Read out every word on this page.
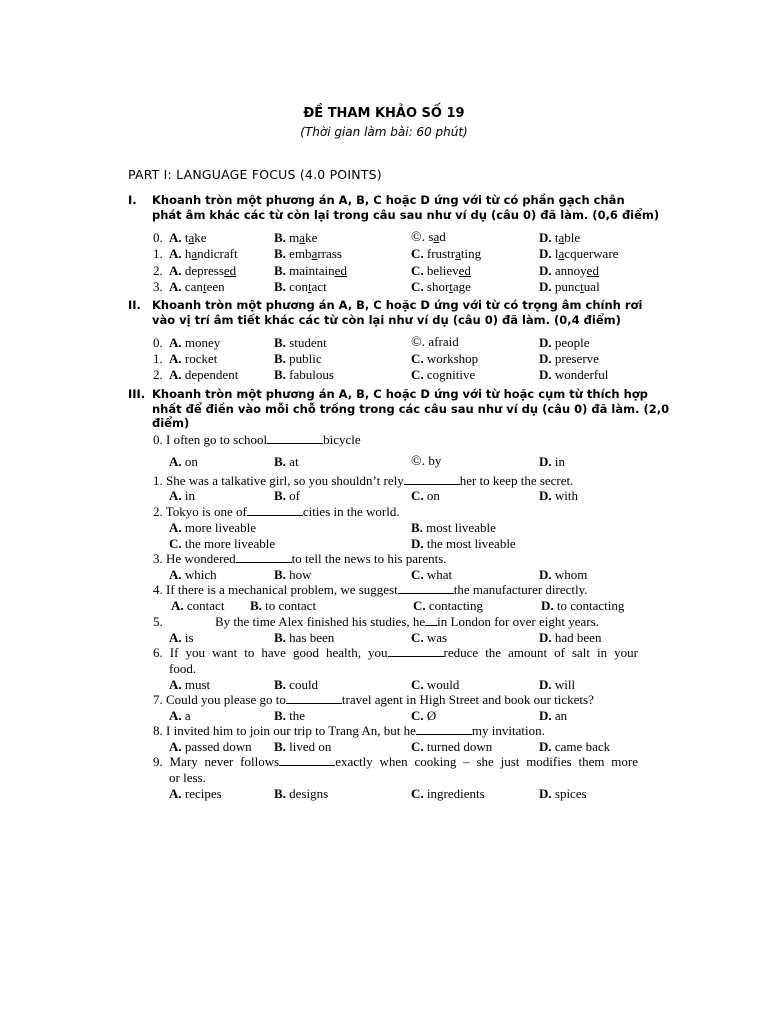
ĐỀ THAM KHẢO SỐ 19
(Thời gian làm bài: 60 phút)
PART I: LANGUAGE FOCUS (4.0 POINTS)
I. Khoanh tròn một phương án A, B, C hoặc D ứng với từ có phần gạch chân
phát âm khác các từ còn lại trong câu sau như ví dụ (câu 0) đã làm. (0,6 điểm)
0. A. take	B. make	©. sad	D. table
1. A. handicraft	B. embarrass	C. frustrating	D. lacquerware
2. A. depressed	B. maintained	C. believed	D. annoyed
3. A. canteen	B. contact	C. shortage	D. punctual
II. Khoanh tròn một phương án A, B, C hoặc D ứng với từ có trọng âm chính rơi
vào vị trí âm tiết khác các từ còn lại như ví dụ (câu 0) đã làm. (0,4 điểm)
0. A. money	B. student	©. afraid	D. people
1. A. rocket	B. public	C. workshop	D. preserve
2. A. dependent	B. fabulous	C. cognitive	D. wonderful
III. Khoanh tròn một phương án A, B, C hoặc D ứng với từ hoặc cụm từ thích hợp
nhất để điền vào mỗi chỗ trống trong các câu sau như ví dụ (câu 0) đã làm. (2,0
điểm)
0. I often go to school	bicycle
A. on	B. at	©. by	D. in
1. She was a talkative girl, so you shouldn’t rely	her to keep the secret.
A. in	B. of	C. on	D. with
2. Tokyo is one of	cities in the world.
A. more liveable	B. most liveable
C. the more liveable	D. the most liveable
3. He wondered	to tell the news to his parents.
A. which	B. how	C. what	D. whom
4. If there is a mechanical problem, we suggest	the manufacturer directly.
A. contact B. to contact	C. contacting	D. to contacting
5.	By the time Alex finished his studies, he in London for over eight years.
A. is	B. has been	C. was	D. had been
6. If you want to have good health, you	reduce the amount of salt in your
food.
A. must	B. could	C. would	D. will
7. Could you please go to	travel agent in High Street and book our tickets?
A. a	B. the	C. Ø	D. an
8. I invited him to join our trip to Trang An, but he	my invitation.
A. passed down B. lived on	C. turned down	D. came back
9. Mary never follows	exactly when cooking – she just modifies them more
or less.
A. recipes	B. designs	C. ingredients	D. spices
